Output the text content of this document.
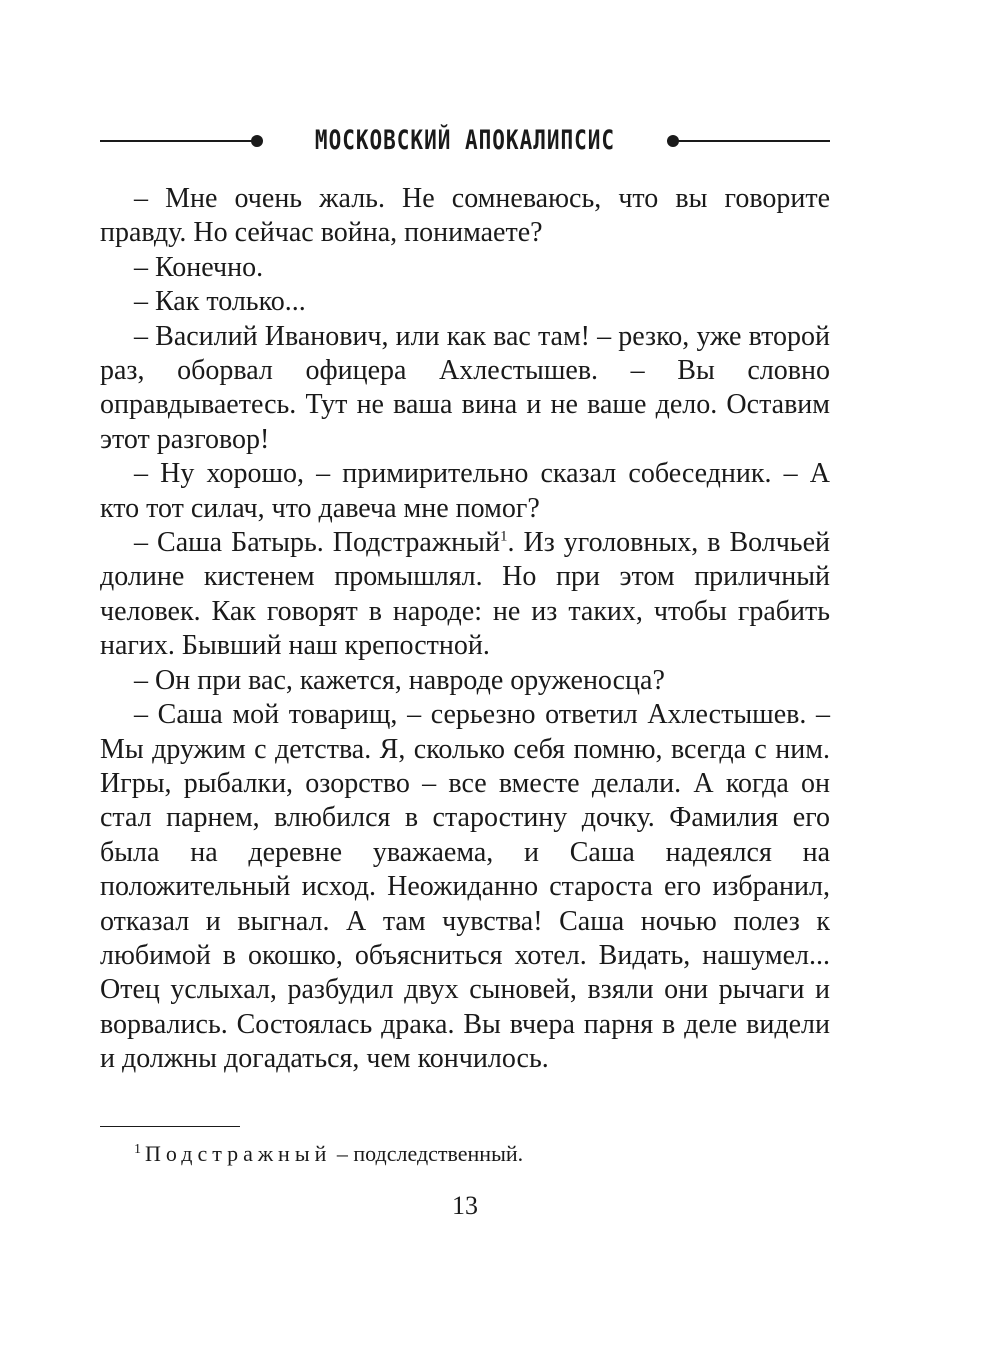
МОСКОВСКИЙ АПОКАЛИПСИС

– Мне очень жаль. Не сомневаюсь, что вы говорите правду. Но сейчас война, понимаете?

– Конечно.

– Как только...

– Василий Иванович, или как вас там! – резко, уже второй раз, оборвал офицера Ахлестышев. – Вы словно оправдываетесь. Тут не ваша вина и не ваше дело. Оставим этот разговор!

– Ну хорошо, – примирительно сказал собеседник. – А кто тот силач, что давеча мне помог?

– Саша Батырь. Подстражный$^1$. Из уголовных, в Волчьей долине кистенем промышлял. Но при этом приличный человек. Как говорят в народе: не из таких, чтобы грабить нагих. Бывший наш крепостной.

– Он при вас, кажется, навроде оруженосца?

– Саша мой товарищ, – серьезно ответил Ахлестышев. – Мы дружим с детства. Я, сколько себя помню, всегда с ним. Игры, рыбалки, озорство – все вместе делали. А когда он стал парнем, влюбился в старостину дочку. Фамилия его была на деревне уважаема, и Саша надеялся на положительный исход. Неожиданно староста его избранил, отказал и выгнал. А там чувства! Саша ночью полез к любимой в окошко, объясниться хотел. Видать, нашумел... Отец услыхал, разбудил двух сыновей, взяли они рычаги и ворвались. Состоялась драка. Вы вчера парня в деле видели и должны догадаться, чем кончилось.

$^1$ Подстражный – подследственный.
13
